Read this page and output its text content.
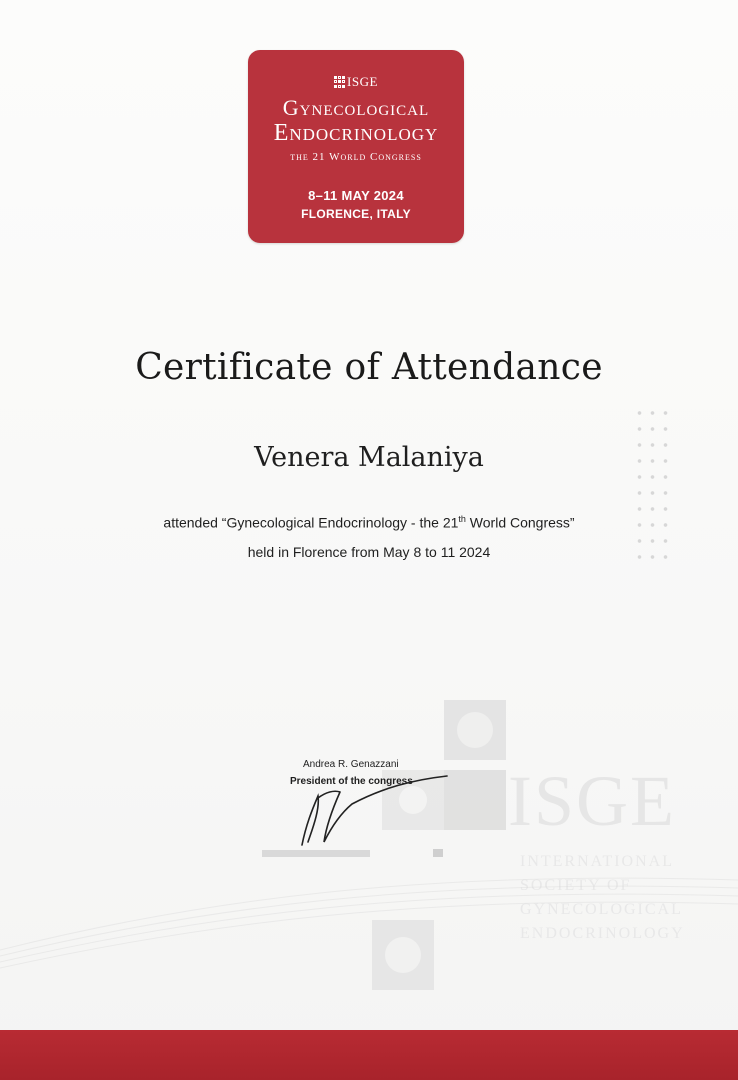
ISGE
INTERNATIONAL
SOCIETY OF
GYNECOLOGICAL
ENDOCRINOLOGY
ISGE
Gynecological
Endocrinology
the 21 World Congress
8–11 MAY 2024
FLORENCE, ITALY
Certificate of Attendance
Venera Malaniya
attended “Gynecological Endocrinology - the 21th World Congress”
held in Florence from May 8 to 11 2024
Andrea R. Genazzani
President of the congress
